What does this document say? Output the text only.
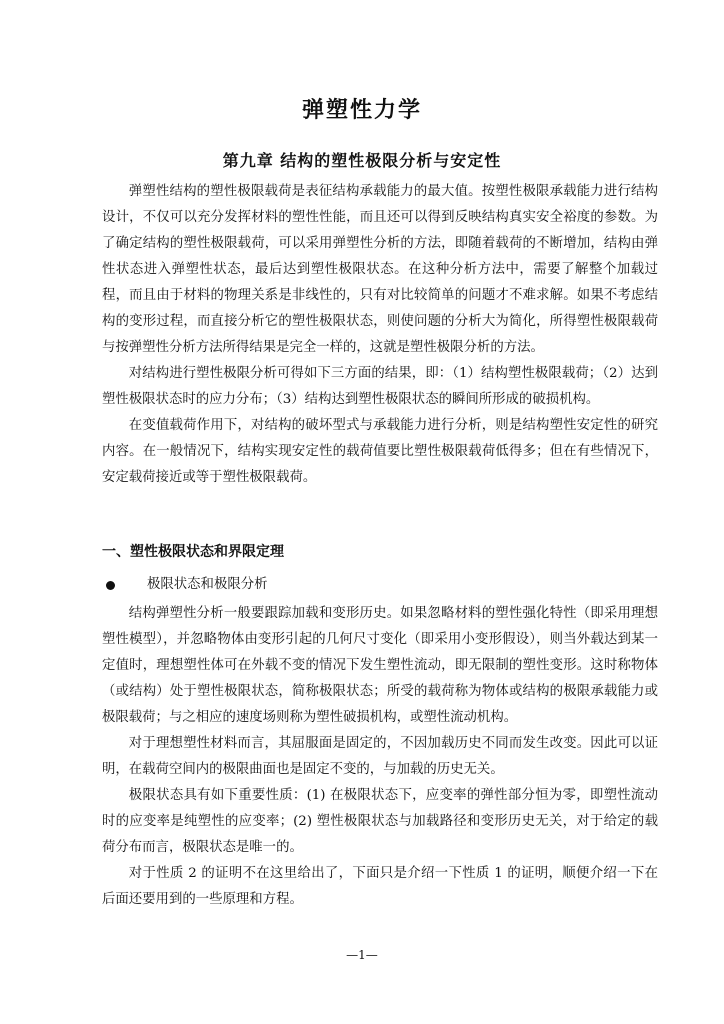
弹塑性力学
第九章 结构的塑性极限分析与安定性

弹塑性结构的塑性极限载荷是表征结构承载能力的最大值。按塑性极限承载能力进行结构设计，不仅可以充分发挥材料的塑性性能，而且还可以得到反映结构真实安全裕度的参数。为了确定结构的塑性极限载荷，可以采用弹塑性分析的方法，即随着载荷的不断增加，结构由弹性状态进入弹塑性状态，最后达到塑性极限状态。在这种分析方法中，需要了解整个加载过程，而且由于材料的物理关系是非线性的，只有对比较简单的问题才不难求解。如果不考虑结构的变形过程，而直接分析它的塑性极限状态，则使问题的分析大为简化，所得塑性极限载荷与按弹塑性分析方法所得结果是完全一样的，这就是塑性极限分析的方法。

对结构进行塑性极限分析可得如下三方面的结果，即：（1）结构塑性极限载荷；（2）达到塑性极限状态时的应力分布；（3）结构达到塑性极限状态的瞬间所形成的破损机构。

在变值载荷作用下，对结构的破坏型式与承载能力进行分析，则是结构塑性安定性的研究内容。在一般情况下，结构实现安定性的载荷值要比塑性极限载荷低得多；但在有些情况下，安定载荷接近或等于塑性极限载荷。

一、塑性极限状态和界限定理
极限状态和极限分析

结构弹塑性分析一般要跟踪加载和变形历史。如果忽略材料的塑性强化特性（即采用理想塑性模型），并忽略物体由变形引起的几何尺寸变化（即采用小变形假设），则当外载达到某一定值时，理想塑性体可在外载不变的情况下发生塑性流动，即无限制的塑性变形。这时称物体（或结构）处于塑性极限状态，简称极限状态；所受的载荷称为物体或结构的极限承载能力或极限载荷；与之相应的速度场则称为塑性破损机构，或塑性流动机构。

对于理想塑性材料而言，其屈服面是固定的，不因加载历史不同而发生改变。因此可以证明，在载荷空间内的极限曲面也是固定不变的，与加载的历史无关。

极限状态具有如下重要性质：(1) 在极限状态下，应变率的弹性部分恒为零，即塑性流动时的应变率是纯塑性的应变率；(2) 塑性极限状态与加载路径和变形历史无关，对于给定的载荷分布而言，极限状态是唯一的。

对于性质 2 的证明不在这里给出了，下面只是介绍一下性质 1 的证明，顺便介绍一下在后面还要用到的一些原理和方程。

—1—
